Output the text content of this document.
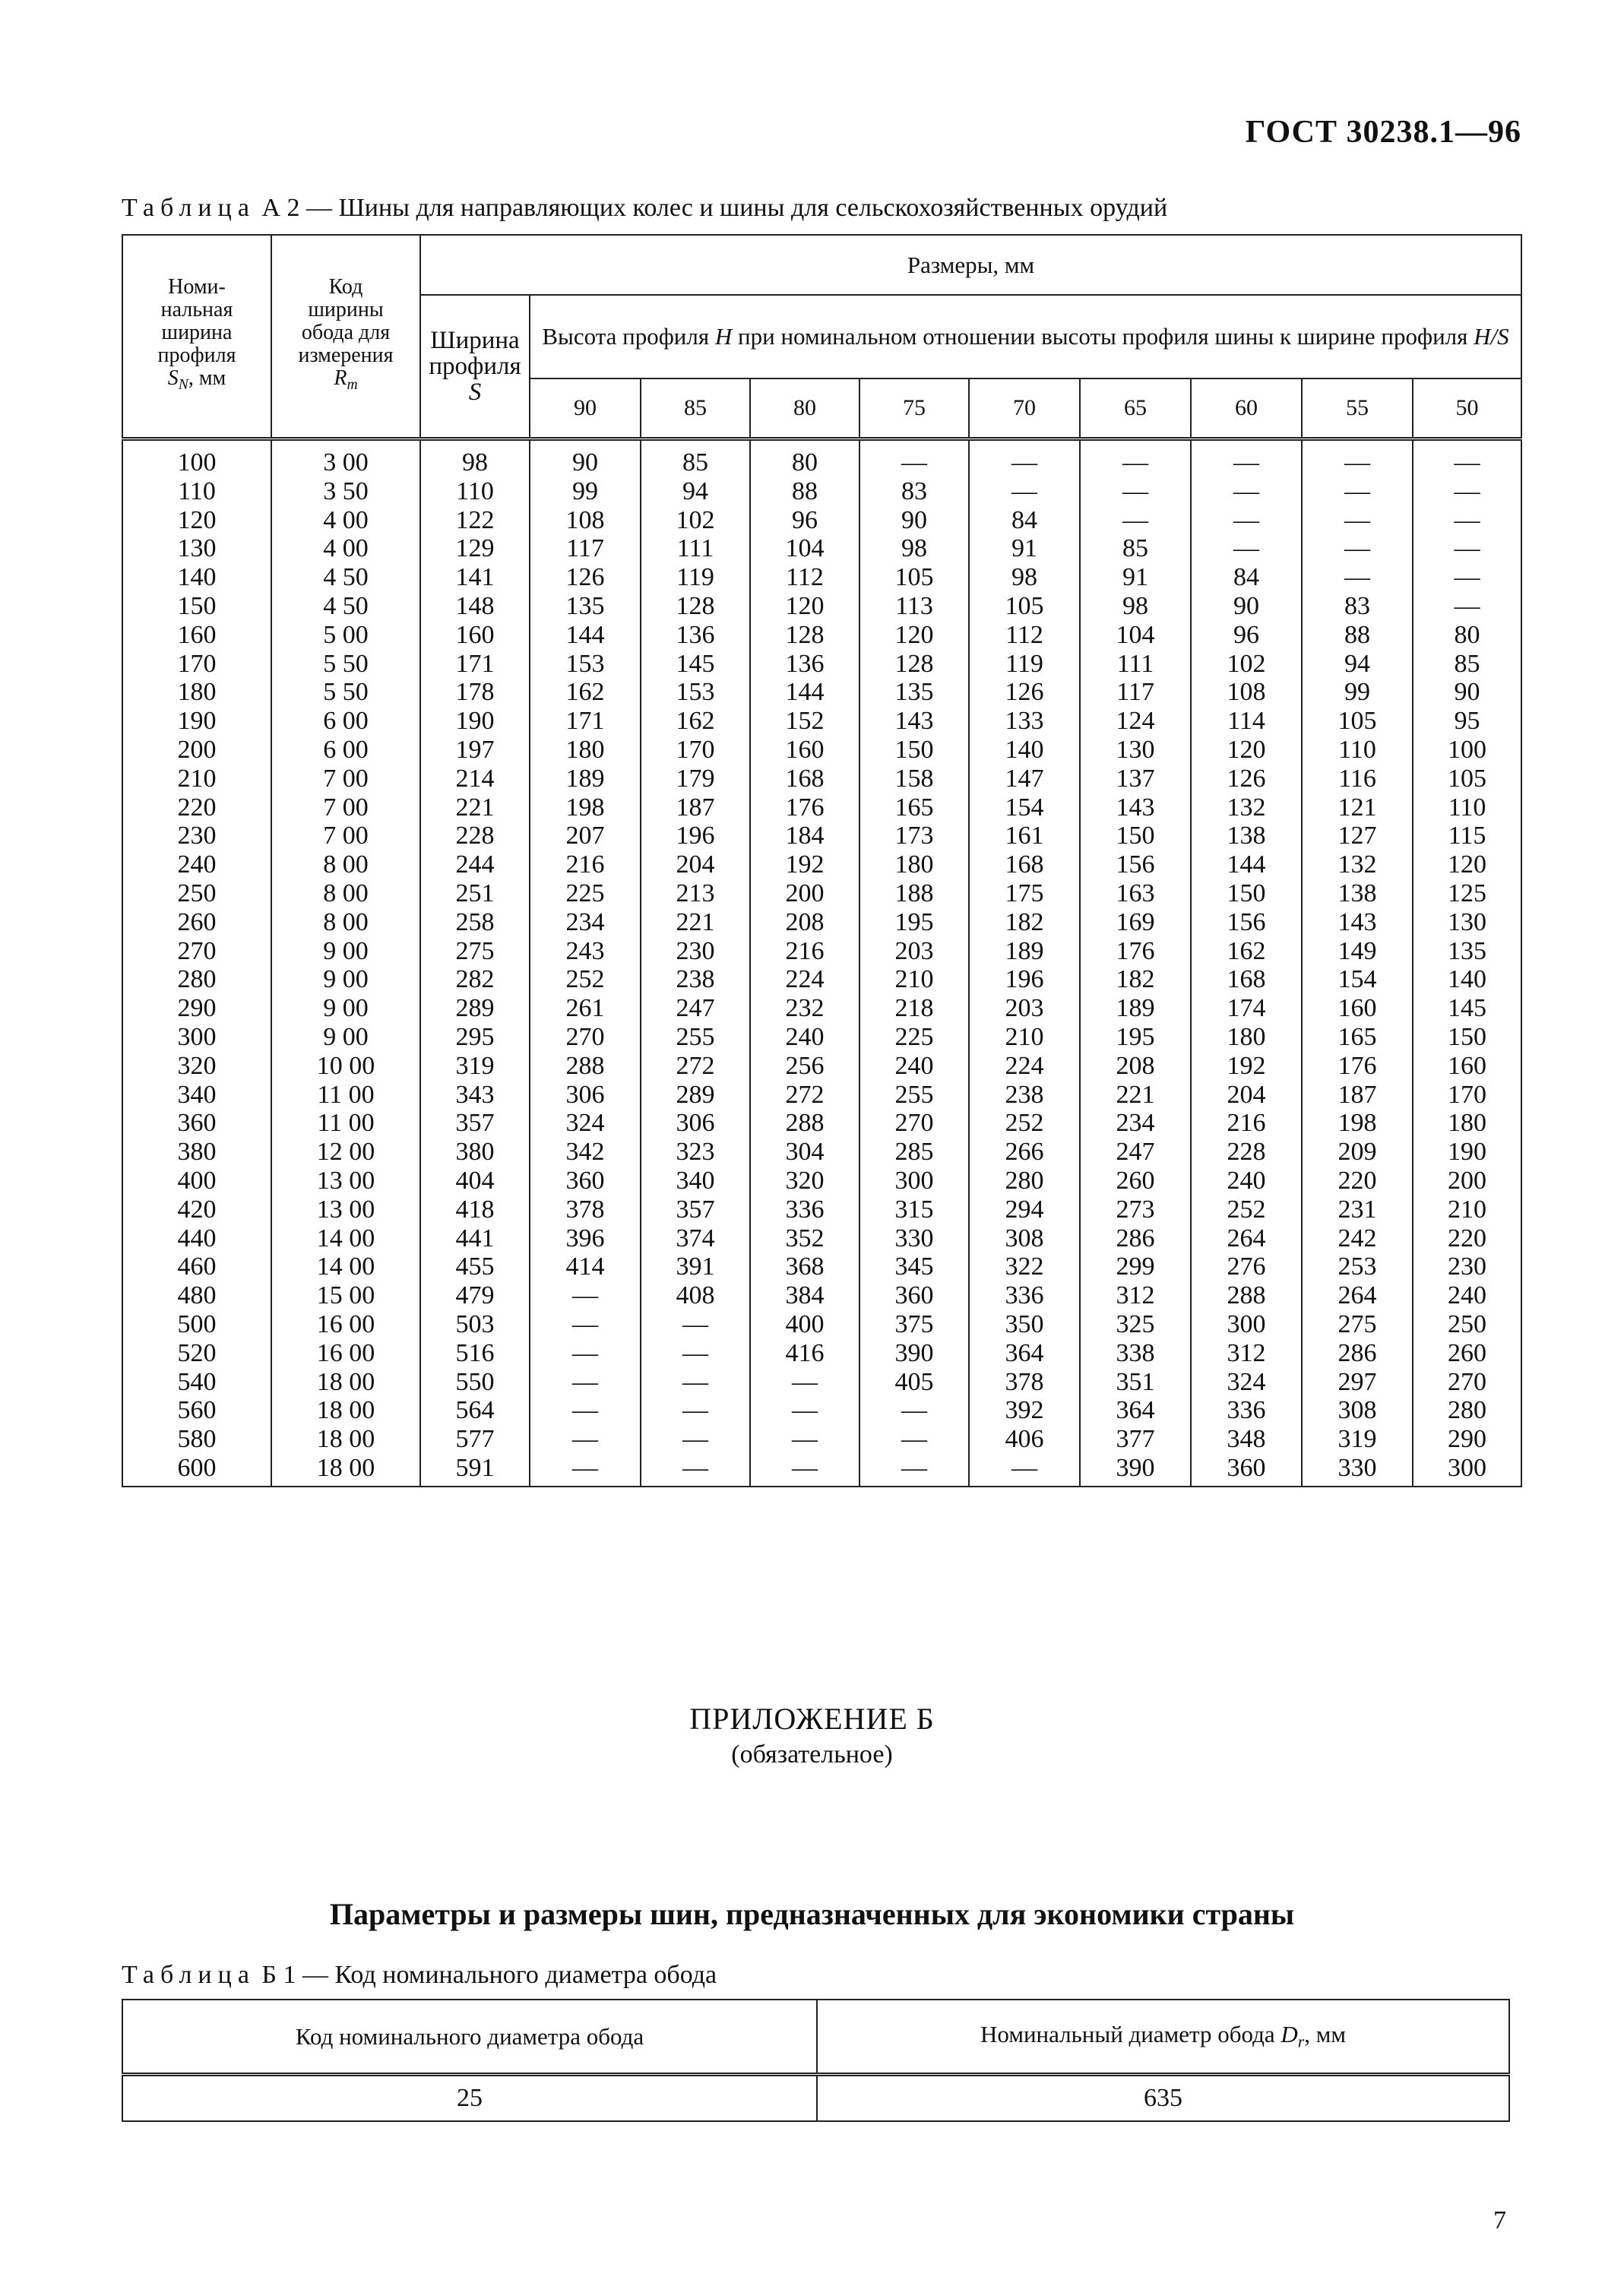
ГОСТ 30238.1—96
Таблица А 2 — Шины для направляющих колес и шины для сельскохозяйственных орудий
Номи-
нальная
ширина
профиля
$S_N$, мм	Код
ширины
обода для
измерения
$R_m$	Размеры, мм									
		Ширина
профиля
S	Высота профиля H при номинальном отношении высоты профиля шины к ширине профиля H/S								
			90	85	80	75	70	65	60	55	50
100	3 00	98	90	85	80	—	—	—	—	—	—
110	3 50	110	99	94	88	83	—	—	—	—	—
120	4 00	122	108	102	96	90	84	—	—	—	—
130	4 00	129	117	111	104	98	91	85	—	—	—
140	4 50	141	126	119	112	105	98	91	84	—	—
150	4 50	148	135	128	120	113	105	98	90	83	—
160	5 00	160	144	136	128	120	112	104	96	88	80
170	5 50	171	153	145	136	128	119	111	102	94	85
180	5 50	178	162	153	144	135	126	117	108	99	90
190	6 00	190	171	162	152	143	133	124	114	105	95
200	6 00	197	180	170	160	150	140	130	120	110	100
210	7 00	214	189	179	168	158	147	137	126	116	105
220	7 00	221	198	187	176	165	154	143	132	121	110
230	7 00	228	207	196	184	173	161	150	138	127	115
240	8 00	244	216	204	192	180	168	156	144	132	120
250	8 00	251	225	213	200	188	175	163	150	138	125
260	8 00	258	234	221	208	195	182	169	156	143	130
270	9 00	275	243	230	216	203	189	176	162	149	135
280	9 00	282	252	238	224	210	196	182	168	154	140
290	9 00	289	261	247	232	218	203	189	174	160	145
300	9 00	295	270	255	240	225	210	195	180	165	150
320	10 00	319	288	272	256	240	224	208	192	176	160
340	11 00	343	306	289	272	255	238	221	204	187	170
360	11 00	357	324	306	288	270	252	234	216	198	180
380	12 00	380	342	323	304	285	266	247	228	209	190
400	13 00	404	360	340	320	300	280	260	240	220	200
420	13 00	418	378	357	336	315	294	273	252	231	210
440	14 00	441	396	374	352	330	308	286	264	242	220
460	14 00	455	414	391	368	345	322	299	276	253	230
480	15 00	479	—	408	384	360	336	312	288	264	240
500	16 00	503	—	—	400	375	350	325	300	275	250
520	16 00	516	—	—	416	390	364	338	312	286	260
540	18 00	550	—	—	—	405	378	351	324	297	270
560	18 00	564	—	—	—	—	392	364	336	308	280
580	18 00	577	—	—	—	—	406	377	348	319	290
600	18 00	591	—	—	—	—	—	390	360	330	300
ПРИЛОЖЕНИЕ Б
(обязательное)
Параметры и размеры шин, предназначенных для экономики страны
Таблица Б 1 — Код номинального диаметра обода
Код номинального диаметра обода	Номинальный диаметр обода $D_r$, мм
25	635
7
